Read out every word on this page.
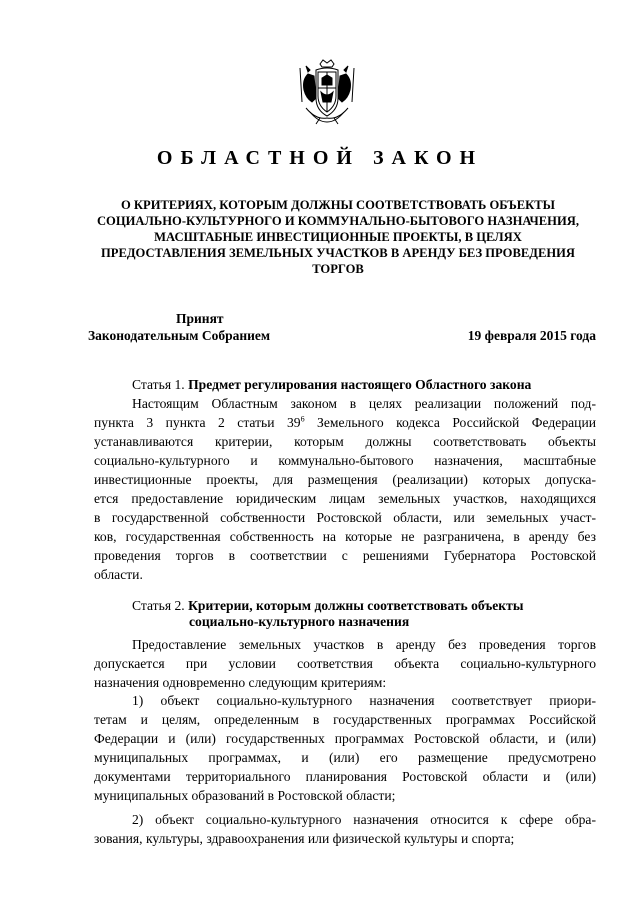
ОБЛАСТНОЙ ЗАКОН
О КРИТЕРИЯХ, КОТОРЫМ ДОЛЖНЫ СООТВЕТСТВОВАТЬ ОБЪЕКТЫ
СОЦИАЛЬНО-КУЛЬТУРНОГО И КОММУНАЛЬНО-БЫТОВОГО НАЗНАЧЕНИЯ,
МАСШТАБНЫЕ ИНВЕСТИЦИОННЫЕ ПРОЕКТЫ, В ЦЕЛЯХ
ПРЕДОСТАВЛЕНИЯ ЗЕМЕЛЬНЫХ УЧАСТКОВ В АРЕНДУ БЕЗ ПРОВЕДЕНИЯ
ТОРГОВ
Принят
Законодательным Собранием	19 февраля 2015 года
Статья 1. Предмет регулирования настоящего Областного закона
Настоящим Областным законом в целях реализации положений под-
пункта 3 пункта 2 статьи $39^6$ Земельного кодекса Российской Федерации
устанавливаются критерии, которым должны соответствовать объекты
социально-культурного и коммунально-бытового назначения, масштабные
инвестиционные проекты, для размещения (реализации) которых допуска-
ется предоставление юридическим лицам земельных участков, находящихся
в государственной собственности Ростовской области, или земельных участ-
ков, государственная собственность на которые не разграничена, в аренду без
проведения торгов в соответствии с решениями Губернатора Ростовской
области.
Статья 2. Критерии, которым должны соответствовать объекты
социально-культурного назначения
Предоставление земельных участков в аренду без проведения торгов
допускается при условии соответствия объекта социально-культурного
назначения одновременно следующим критериям:
1) объект социально-культурного назначения соответствует приори-
тетам и целям, определенным в государственных программах Российской
Федерации и (или) государственных программах Ростовской области, и (или)
муниципальных программах, и (или) его размещение предусмотрено
документами территориального планирования Ростовской области и (или)
муниципальных образований в Ростовской области;
2) объект социально-культурного назначения относится к сфере обра-
зования, культуры, здравоохранения или физической культуры и спорта;
